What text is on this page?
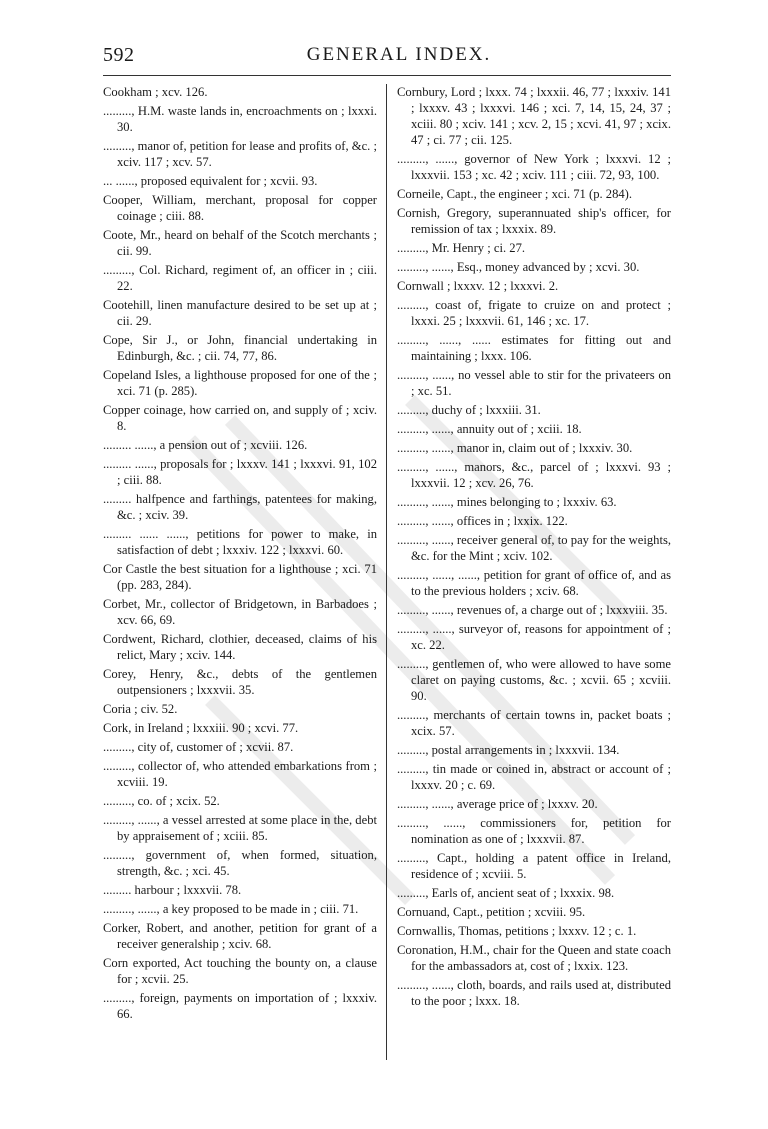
592	GENERAL INDEX.

Cookham ; xcv. 126.

........., H.M. waste lands in, encroachments on ; lxxxi. 30.

........., manor of, petition for lease and profits of, &c. ; xciv. 117 ; xcv. 57.

... ......, proposed equivalent for ; xcvii. 93.

Cooper, William, merchant, proposal for copper coinage ; ciii. 88.

Coote, Mr., heard on behalf of the Scotch merchants ; cii. 99.

........., Col. Richard, regiment of, an officer in ; ciii. 22.

Cootehill, linen manufacture desired to be set up at ; cii. 29.

Cope, Sir J., or John, financial undertaking in Edinburgh, &c. ; cii. 74, 77, 86.

Copeland Isles, a lighthouse proposed for one of the ; xci. 71 (p. 285).

Copper coinage, how carried on, and supply of ; xciv. 8.

......... ......, a pension out of ; xcviii. 126.

......... ......, proposals for ; lxxxv. 141 ; lxxxvi. 91, 102 ; ciii. 88.

......... halfpence and farthings, patentees for making, &c. ; xciv. 39.

......... ...... ......, petitions for power to make, in satisfaction of debt ; lxxxiv. 122 ; lxxxvi. 60.

Cor Castle the best situation for a lighthouse ; xci. 71 (pp. 283, 284).

Corbet, Mr., collector of Bridgetown, in Barbadoes ; xcv. 66, 69.

Cordwent, Richard, clothier, deceased, claims of his relict, Mary ; xciv. 144.

Corey, Henry, &c., debts of the gentlemen outpensioners ; lxxxvii. 35.

Coria ; civ. 52.

Cork, in Ireland ; lxxxiii. 90 ; xcvi. 77.

........., city of, customer of ; xcvii. 87.

........., collector of, who attended embarkations from ; xcviii. 19.

........., co. of ; xcix. 52.

........., ......, a vessel arrested at some place in the, debt by appraisement of ; xciii. 85.

........., government of, when formed, situation, strength, &c. ; xci. 45.

......... harbour ; lxxxvii. 78.

........., ......, a key proposed to be made in ; ciii. 71.

Corker, Robert, and another, petition for grant of a receiver generalship ; xciv. 68.

Corn exported, Act touching the bounty on, a clause for ; xcvii. 25.

........., foreign, payments on importation of ; lxxxiv. 66.

Cornbury, Lord ; lxxx. 74 ; lxxxii. 46, 77 ; lxxxiv. 141 ; lxxxv. 43 ; lxxxvi. 146 ; xci. 7, 14, 15, 24, 37 ; xciii. 80 ; xciv. 141 ; xcv. 2, 15 ; xcvi. 41, 97 ; xcix. 47 ; ci. 77 ; cii. 125.

........., ......, governor of New York ; lxxxvi. 12 ; lxxxvii. 153 ; xc. 42 ; xciv. 111 ; ciii. 72, 93, 100.

Corneile, Capt., the engineer ; xci. 71 (p. 284).

Cornish, Gregory, superannuated ship's officer, for remission of tax ; lxxxix. 89.

........., Mr. Henry ; ci. 27.

........., ......, Esq., money advanced by ; xcvi. 30.

Cornwall ; lxxxv. 12 ; lxxxvi. 2.

........., coast of, frigate to cruize on and protect ; lxxxi. 25 ; lxxxvii. 61, 146 ; xc. 17.

........., ......, ...... estimates for fitting out and maintaining ; lxxx. 106.

........., ......, no vessel able to stir for the privateers on ; xc. 51.

........., duchy of ; lxxxiii. 31.

........., ......, annuity out of ; xciii. 18.

........., ......, manor in, claim out of ; lxxxiv. 30.

........., ......, manors, &c., parcel of ; lxxxvi. 93 ; lxxxvii. 12 ; xcv. 26, 76.

........., ......, mines belonging to ; lxxxiv. 63.

........., ......, offices in ; lxxix. 122.

........., ......, receiver general of, to pay for the weights, &c. for the Mint ; xciv. 102.

........., ......, ......, petition for grant of office of, and as to the previous holders ; xciv. 68.

........., ......, revenues of, a charge out of ; lxxxviii. 35.

........., ......, surveyor of, reasons for appointment of ; xc. 22.

........., gentlemen of, who were allowed to have some claret on paying customs, &c. ; xcvii. 65 ; xcviii. 90.

........., merchants of certain towns in, packet boats ; xcix. 57.

........., postal arrangements in ; lxxxvii. 134.

........., tin made or coined in, abstract or account of ; lxxxv. 20 ; c. 69.

........., ......, average price of ; lxxxv. 20.

........., ......, commissioners for, petition for nomination as one of ; lxxxvii. 87.

........., Capt., holding a patent office in Ireland, residence of ; xcviii. 5.

........., Earls of, ancient seat of ; lxxxix. 98.

Cornuand, Capt., petition ; xcviii. 95.

Cornwallis, Thomas, petitions ; lxxxv. 12 ; c. 1.

Coronation, H.M., chair for the Queen and state coach for the ambassadors at, cost of ; lxxix. 123.

........., ......, cloth, boards, and rails used at, distributed to the poor ; lxxx. 18.
